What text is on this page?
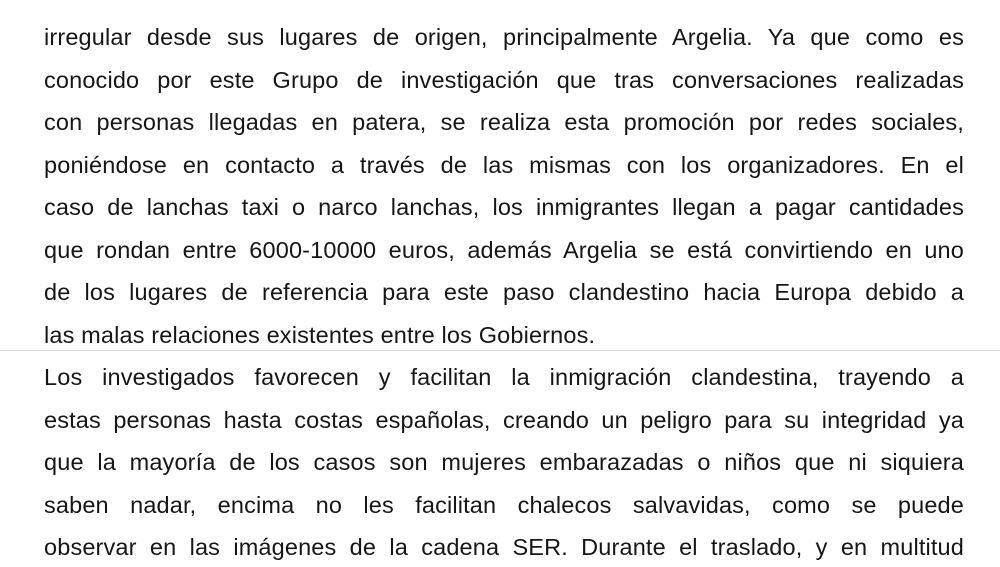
irregular desde sus lugares de origen, principalmente Argelia. Ya que como es
conocido por este Grupo de investigación que tras conversaciones realizadas
con personas llegadas en patera, se realiza esta promoción por redes sociales,
poniéndose en contacto a través de las mismas con los organizadores. En el
caso de lanchas taxi o narco lanchas, los inmigrantes llegan a pagar cantidades
que rondan entre 6000-10000 euros, además Argelia se está convirtiendo en uno
de los lugares de referencia para este paso clandestino hacia Europa debido a
las malas relaciones existentes entre los Gobiernos.
Los investigados favorecen y facilitan la inmigración clandestina, trayendo a
estas personas hasta costas españolas, creando un peligro para su integridad ya
que la mayoría de los casos son mujeres embarazadas o niños que ni siquiera
saben nadar, encima no les facilitan chalecos salvavidas, como se puede
observar en las imágenes de la cadena SER. Durante el traslado, y en multitud
